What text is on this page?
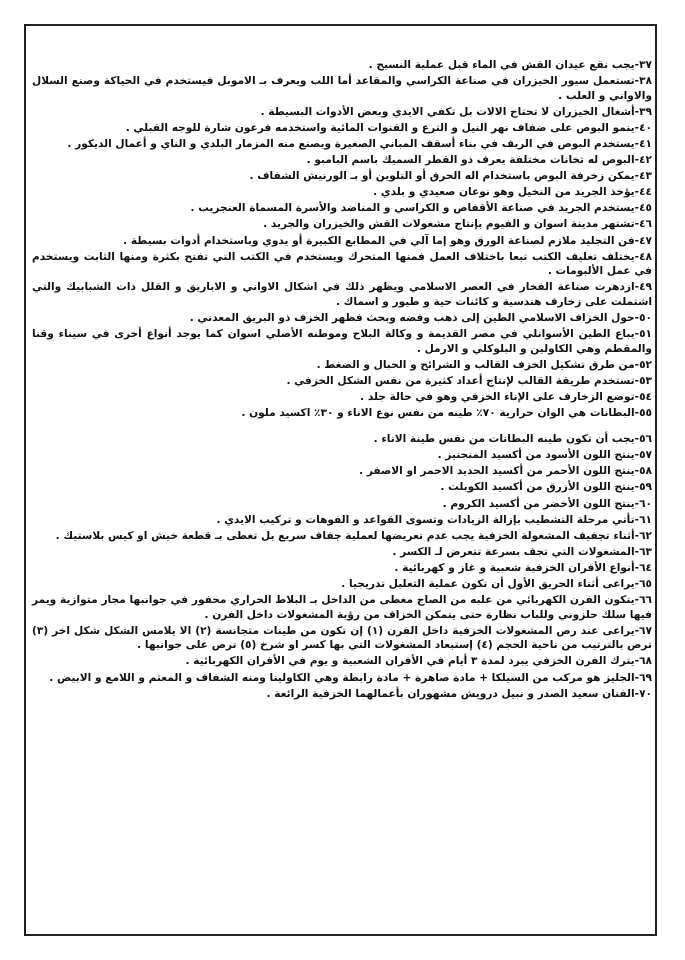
٣٧-يجب نقع عيدان القش في الماء قبل عملية النسيج .

٣٨-تستعمل سيور الخيزران في صناعة الكراسي والمقاعد أما اللب ويعرف بـ الاموبل فيستخدم في الحياكة وصنع السلال والاواني و العلب .

٣٩-أشغال الخيزران لا تحتاج الالات بل تكفي الايدي وبعض الأدوات البسيطة .

٤٠-ينمو البوص على ضفاف نهر النيل و الترع و القنوات المائية واستخدمه فرعون شارة للوجه القبلي .

٤١-يستخدم البوص في الريف في بناء أسقف المباني الصغيرة ويصنع منه المزمار البلدي و الناي و أعمال الديكور .

٤٢-البوص له تخانات مختلفة يعرف ذو القطر السميك باسم البامبو .

٤٣-يمكن زخرفة البوص باستخدام اله الحرق أو التلوين أو بـ الورنيش الشفاف .

٤٤-يؤخذ الجريد من النخيل وهو نوعان صعيدي و بلدي .

٤٥-يستخدم الجريد في صناعة الأقفاص و الكراسي و المناضد والأسرة المسماة العنجريب .

٤٦-تشتهر مدينة اسوان و الفيوم بإنتاج مشغولات القش والخيزران والجريد .

٤٧-فن التجليد ملازم لصناعة الورق وهو إما آلي في المطابع الكبيرة أو يدوي وباستخدام أدوات بسيطة .

٤٨-يختلف تغليف الكتب تبعا باختلاف العمل فمنها المتحرك ويستخدم في الكتب التي تفتح بكثرة ومنها الثابت ويستخدم في عمل الألبومات .

٤٩-ازدهرت صناعة الفخار في العصر الاسلامي ويظهر ذلك في اشكال الاواني و الاباريق و القلل ذات الشبابيك والتي اشتملت على زخارف هندسية و كائنات حية و طيور و اسماك .

٥٠-حول الخزاف الاسلامي الطين إلى ذهب وفضه وبحث فظهر الخزف ذو البريق المعدني .

٥١-يباع الطين الأسوانلي في مصر القديمة و وكالة البلاح وموطنه الأصلي اسوان كما يوجد أنواع أخرى في سيناء وقنا والمقطم وهي الكاولين و البلوكلي و الارمل .

٥٢-من طرق تشكيل الخزف القالب و الشرائح و الحبال و الضغط .

٥٣-تستخدم طريقة القالب لإنتاج أعداد كثيرة من نفس الشكل الخزفي .

٥٤-توضع الزخارف على الإناء الخزفي وهو في حالة جلد .

٥٥-البطانات هي الوان حرارية ٧٠٪ طينه من نفس نوع الاناء و ٣٠٪ اكسيد ملون .

٥٦-يجب أن تكون طينه البطانات من نفس طينة الاناء .

٥٧-ينتج اللون الأسود من أكسيد المنجنيز .

٥٨-ينتج اللون الأحمر من أكسيد الحديد الاحمر او الاصفر .

٥٩-ينتج اللون الأزرق من أكسيد الكوبلت .

٦٠-ينتج اللون الأخضر من أكسيد الكروم .

٦١-تأتي مرحلة التشطيب بإزالة الزيادات وتسوى القواعد و الفوهات و تركيب الايدي .

٦٢-أثناء تجفيف المشغولة الخزفية يجب عدم تعريضها لعملية جفاف سريع بل تغطى بـ قطعة خيش او كيس بلاستيك .

٦٣-المشغولات التي تجف بسرعة تتعرض لـ الكسر .

٦٤-أنواع الأفران الخزفية شعبية و غاز و كهربائية .

٦٥-يراعى أثناء الحريق الأول أن تكون عملية التعليل تدريجيا .

٦٦-يتكون الفرن الكهربائي من علبه من الصاج مغطى من الداخل بـ البلاط الحراري محفور في جوانبها مجار متوازية ويمر فيها سلك حلزوني وللباب نظارة حتى يتمكن الخزاف من رؤية المشغولات داخل الفرن .

٦٧-يراعى عند رص المشغولات الخزفية داخل الفرن (١) إن تكون من طينات متجانسة (٢) الا يلامس الشكل شكل اخر (٣) ترص بالترتيب من ناحية الحجم (٤) إستبعاد المشغولات التي بها كسر او شرخ (٥) ترص على جوانبها .

٦٨-يترك الفرن الخزفي يبرد لمدة ٣ أيام في الأفران الشعبية و يوم في الأفران الكهربائية .

٦٩-الجليز هو مركب من السيلكا + مادة صاهرة + مادة رابطة وهي الكاولينا ومنه الشفاف و المعتم و اللامع و الابيض .

٧٠-الفنان سعيد الصدر و نبيل درويش مشهوران بأعمالهما الخزفية الرائعة .
